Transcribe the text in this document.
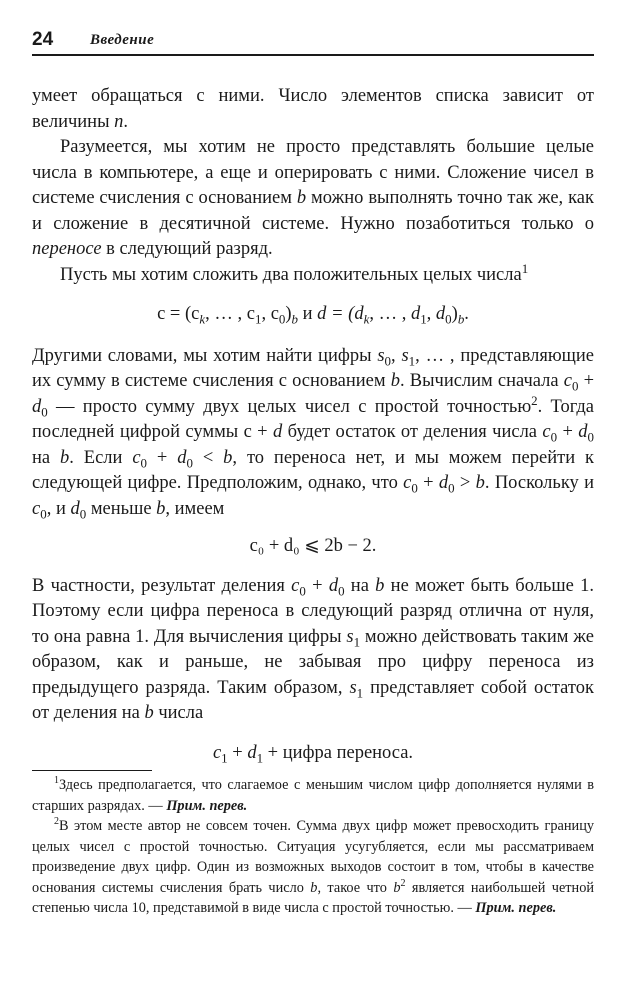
24 Введение

умеет обращаться с ними. Число элементов списка зависит от величины n.

Разумеется, мы хотим не просто представлять большие целые числа в компьютере, а еще и оперировать с ними. Сложение чисел в системе счисления с основанием b можно выполнять точно так же, как и сложение в десятичной системе. Нужно позаботиться только о переносе в следующий разряд.

Пусть мы хотим сложить два положительных целых числа$^1$

$c = (c_k$, … , $c_1$, $c_0)_b$ и $d = (d_k$, … , $d_1$, $d_0)_b$.

Другими словами, мы хотим найти цифры $s_0$, $s_1$, … , представляющие их сумму в системе счисления с основанием b. Вычислим сначала $c_0 + d_0$ — просто сумму двух целых чисел с простой точностью$^2$. Тогда последней цифрой суммы c + d будет остаток от деления числа $c_0 + d_0$ на b. Если $c_0 + d_0 < b$, то переноса нет, и мы можем перейти к следующей цифре. Предположим, однако, что $c_0 + d_0 > b$. Поскольку и $c_0$, и $d_0$ меньше b, имеем

c₀ + d₀ ⩽ 2b − 2.

В частности, результат деления $c_0 + d_0$ на b не может быть больше 1. Поэтому если цифра переноса в следующий разряд отлична от нуля, то она равна 1. Для вычисления цифры $s_1$ можно действовать таким же образом, как и раньше, не забывая про цифру переноса из предыдущего разряда. Таким образом, $s_1$ представляет собой остаток от деления на b числа

$c_1 + d_1$ + цифра переноса.

$^1$Здесь предполагается, что слагаемое с меньшим числом цифр дополняется нулями в старших разрядах. — Прим. перев.

$^2$В этом месте автор не совсем точен. Сумма двух цифр может превосходить границу целых чисел с простой точностью. Ситуация усугубляется, если мы рассматриваем произведение двух цифр. Один из возможных выходов состоит в том, чтобы в качестве основания системы счисления брать число b, такое что $b^2$ является наибольшей четной степенью числа 10, представимой в виде числа с простой точностью. — Прим. перев.
